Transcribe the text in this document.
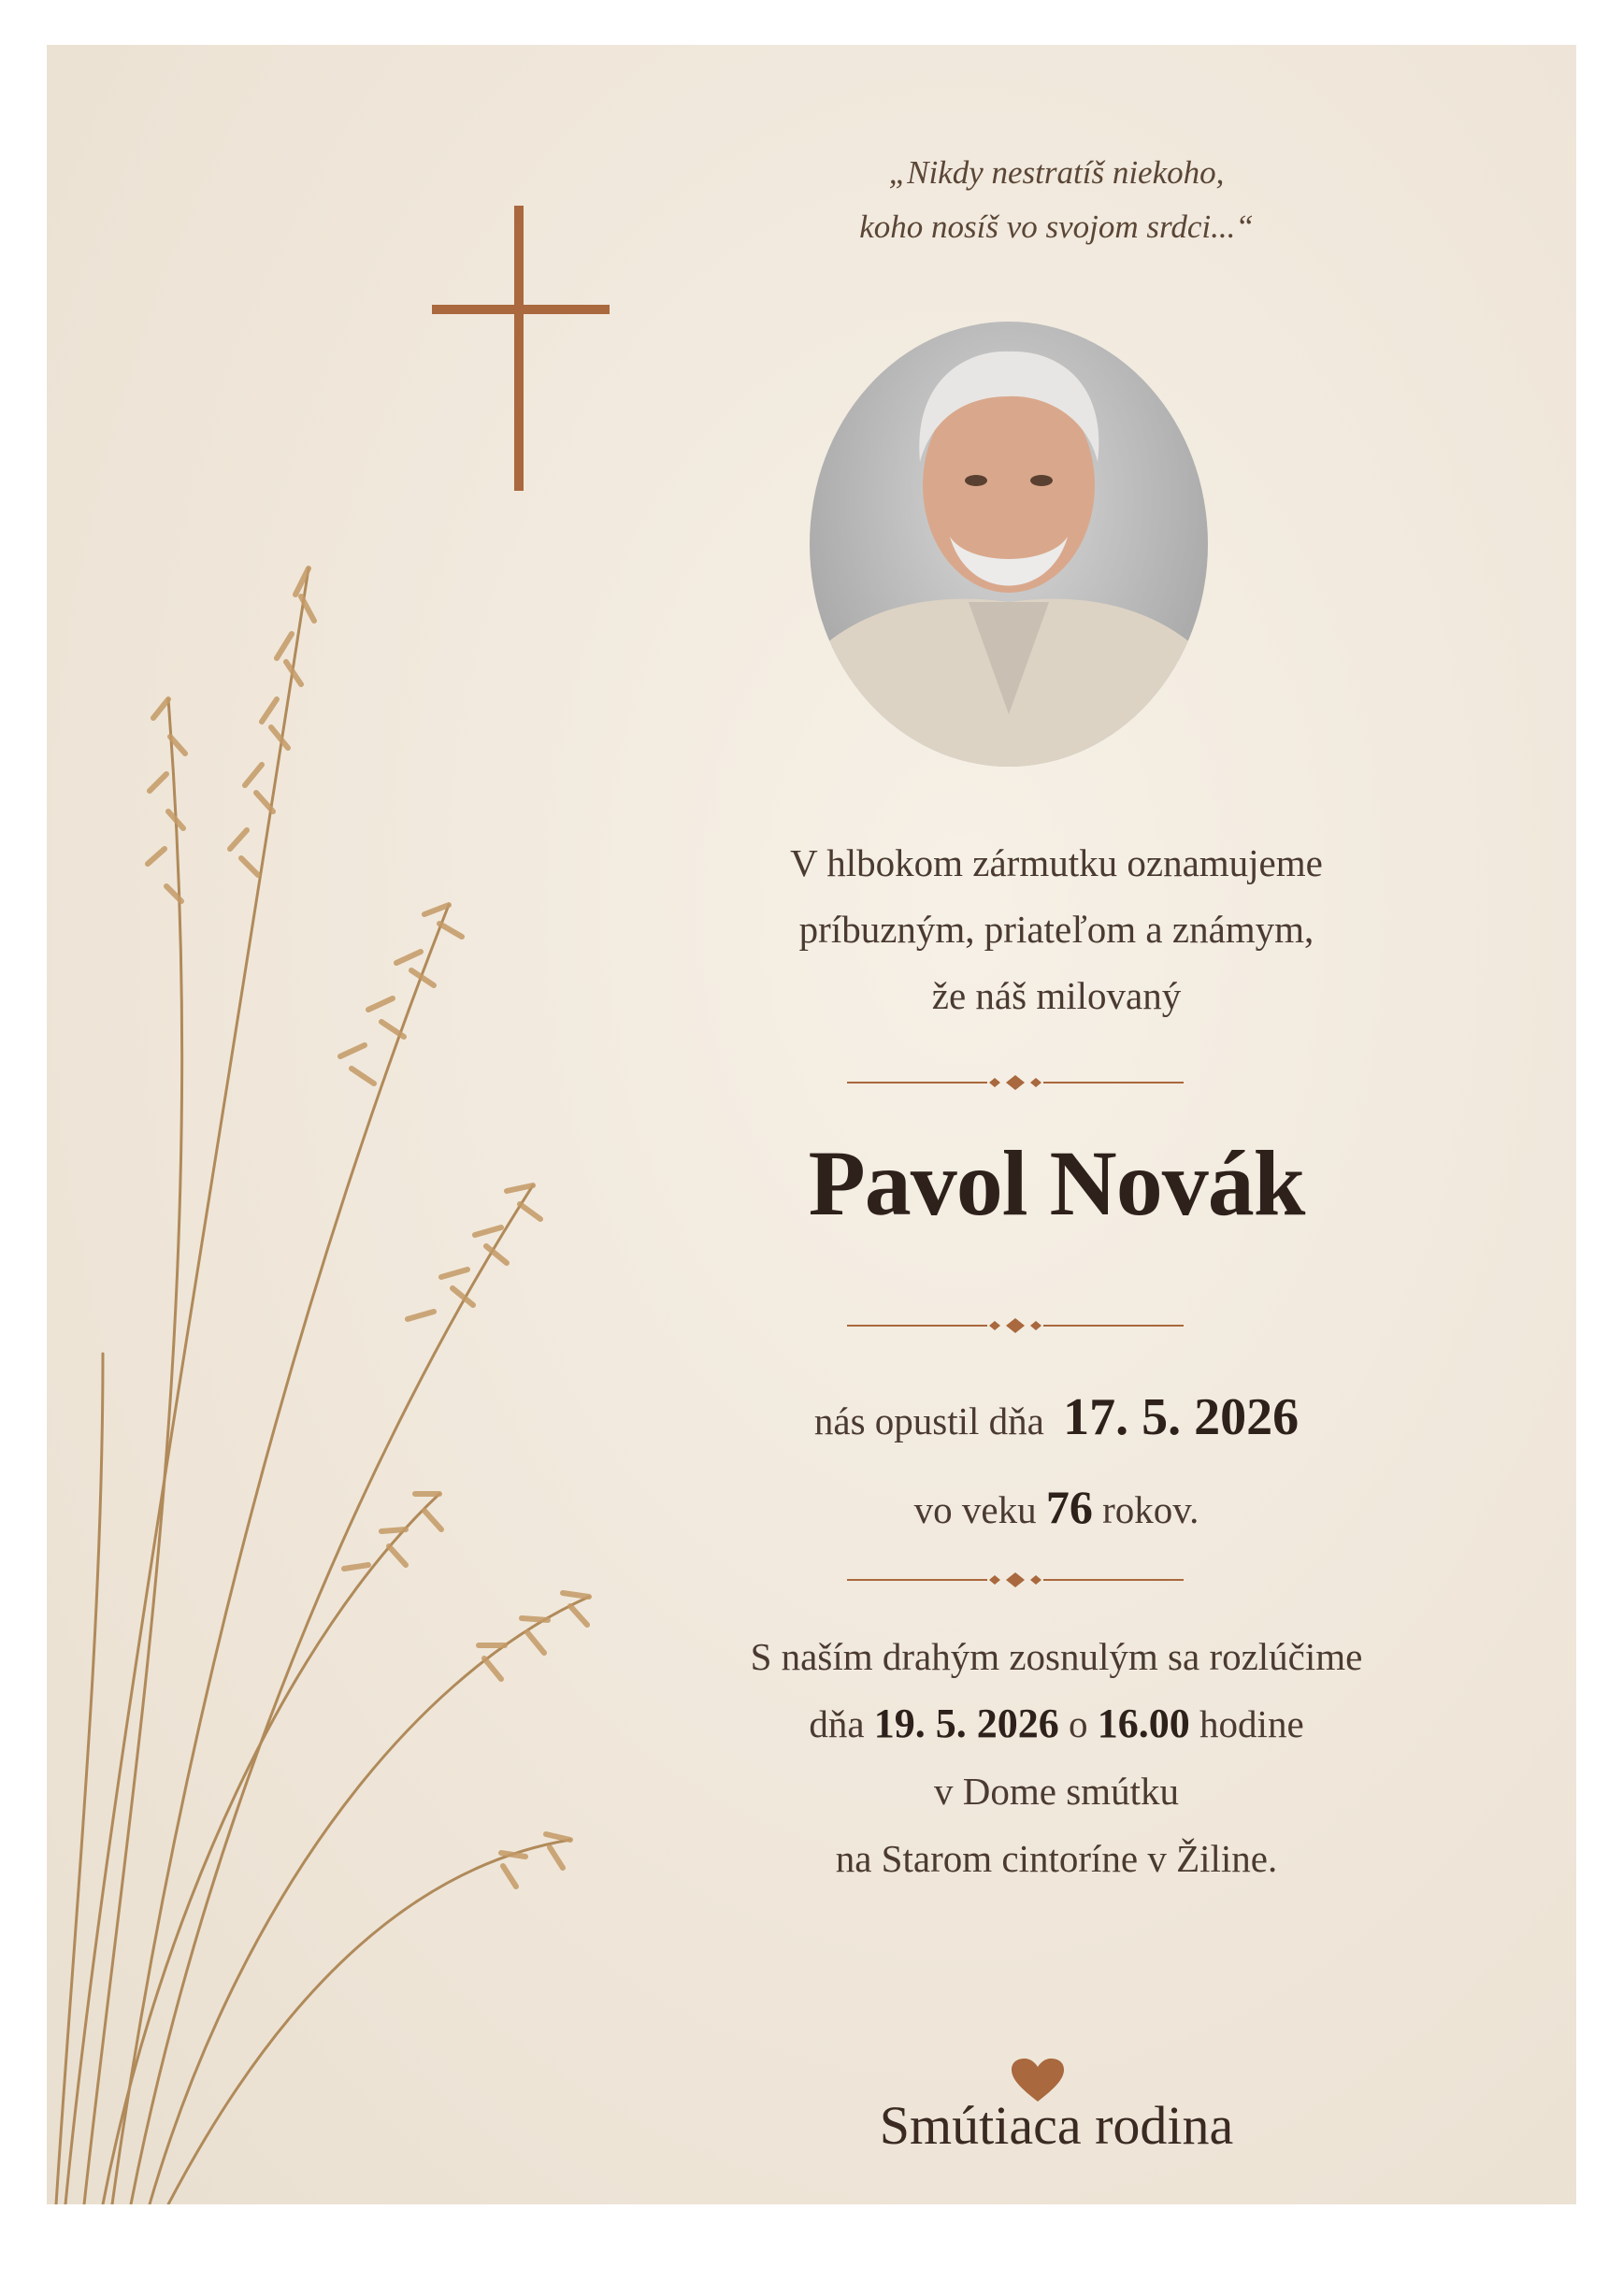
„Nikdy nestratíš niekoho,
koho nosíš vo svojom srdci...“
V hlbokom zármutku oznamujeme
príbuzným, priateľom a známym,
že náš milovaný
Pavol Novák
nás opustil dňa 17. 5. 2026
vo veku 76 rokov.
S naším drahým zosnulým sa rozlúčime
dňa 19. 5. 2026 o 16.00 hodine
v Dome smútku
na Starom cintoríne v Žiline.
Smútiaca rodina
